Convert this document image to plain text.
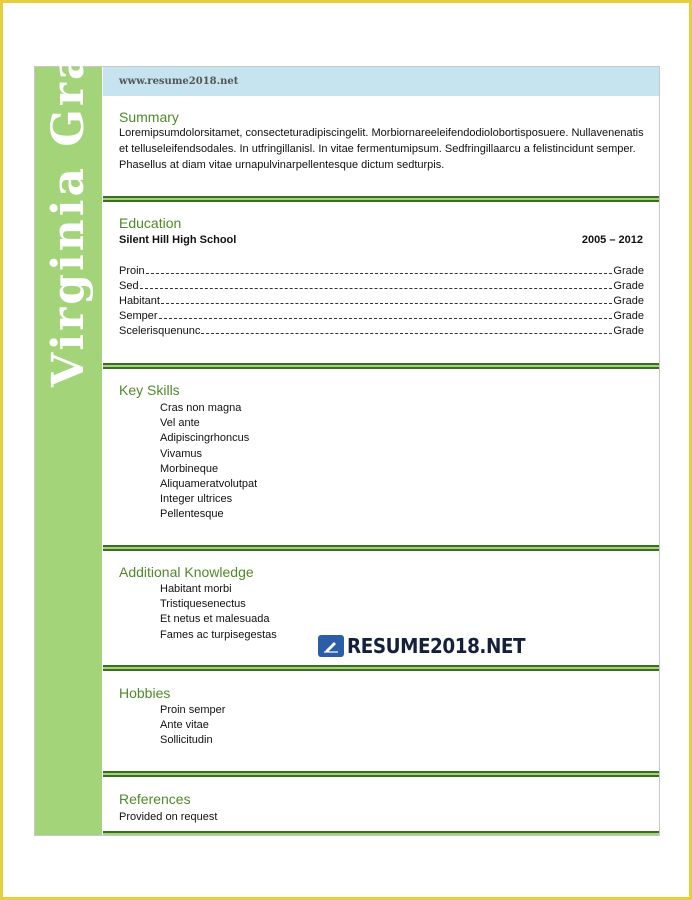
Virginia Gray	www.resume2018.net
Summary
Loremipsumdolorsitamet, consecteturadipiscingelit. Morbiornareeleifendodiolobortisposuere. Nullavenenatis et telluseleifendsodales. In utfringillanisl. In vitae fermentumipsum. Sedfringillaarcu a felistincidunt semper. Phasellus at diam vitae urnapulvinarpellentesque dictum sedturpis.
Education
Silent Hill High School	2005 – 2012
Proin	Grade
Sed	Grade
Habitant	Grade
Semper	Grade
Scelerisquenunc	Grade
Key Skills
Cras non magna
Vel ante
Adipiscingrhoncus
Vivamus
Morbineque
Aliquameratvolutpat
Integer ultrices
Pellentesque
Additional Knowledge
Habitant morbi
Tristiquesenectus
Et netus et malesuada
Fames ac turpisegestas
Hobbies
Proin semper
Ante vitae
Sollicitudin
References
Provided on request
RESUME2018.NET
